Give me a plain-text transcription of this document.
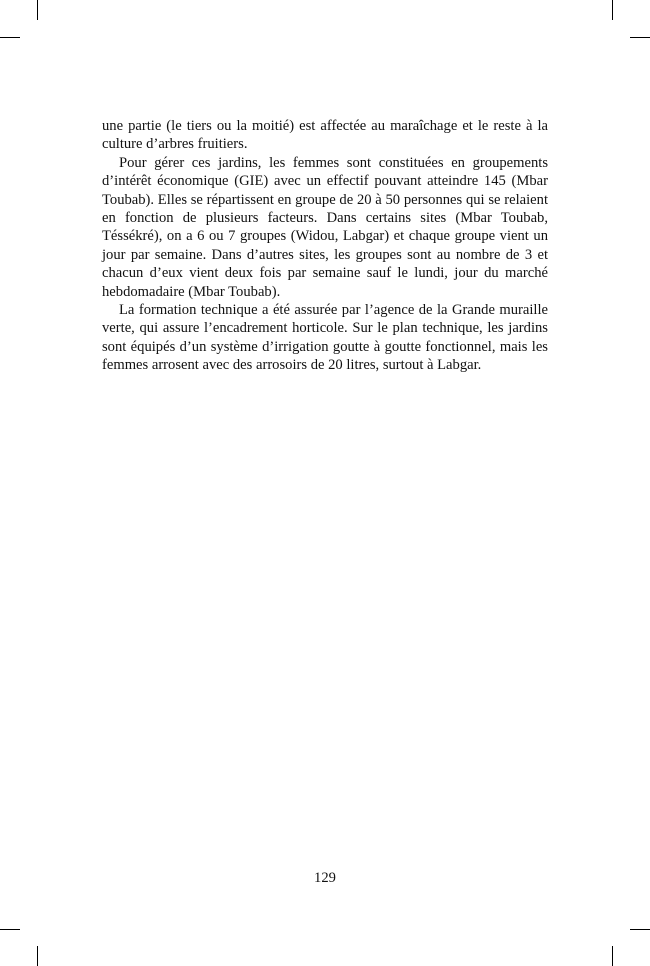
une partie (le tiers ou la moitié) est affectée au maraîchage et le reste à la culture d’arbres fruitiers.

Pour gérer ces jardins, les femmes sont constituées en groupements d’intérêt économique (GIE) avec un effectif pouvant atteindre 145 (Mbar Toubab). Elles se répartissent en groupe de 20 à 50 personnes qui se relaient en fonction de plusieurs facteurs. Dans certains sites (Mbar Toubab, Téssékré), on a 6 ou 7 groupes (Widou, Labgar) et chaque groupe vient un jour par semaine. Dans d’autres sites, les groupes sont au nombre de 3 et chacun d’eux vient deux fois par semaine sauf le lundi, jour du marché hebdomadaire (Mbar Toubab).

La formation technique a été assurée par l’agence de la Grande muraille verte, qui assure l’encadrement horticole. Sur le plan technique, les jardins sont équipés d’un système d’irrigation goutte à goutte fonctionnel, mais les femmes arrosent avec des arrosoirs de 20 litres, surtout à Labgar.

129
